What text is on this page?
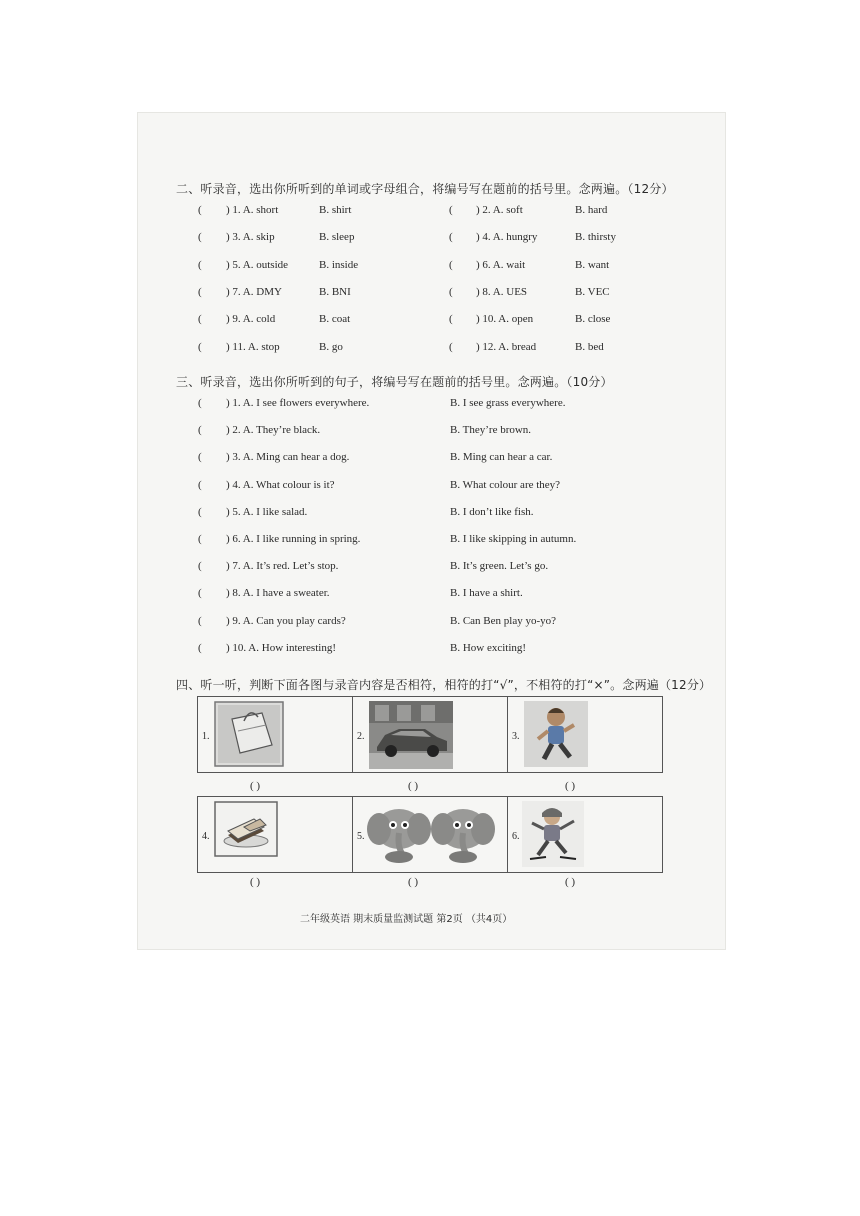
二、听录音，选出你所听到的单词或字母组合，将编号写在题前的括号里。念两遍。（12分）
( ) 1. A. short	B. shirt	( ) 2. A. soft	B. hard
( ) 3. A. skip	B. sleep	( ) 4. A. hungry	B. thirsty
( ) 5. A. outside	B. inside	( ) 6. A. wait	B. want
( ) 7. A. DMY	B. BNI	( ) 8. A. UES	B. VEC
( ) 9. A. cold	B. coat	( ) 10. A. open	B. close
( ) 11. A. stop	B. go	( ) 12. A. bread	B. bed
三、听录音，选出你所听到的句子，将编号写在题前的括号里。念两遍。（10分）
( ) 1. A. I see flowers everywhere.	B. I see grass everywhere.
( ) 2. A. They’re black.	B. They’re brown.
( ) 3. A. Ming can hear a dog.	B. Ming can hear a car.
( ) 4. A. What colour is it?	B. What colour are they?
( ) 5. A. I like salad.	B. I don’t like fish.
( ) 6. A. I like running in spring.	B. I like skipping in autumn.
( ) 7. A. It’s red. Let’s stop.	B. It’s green. Let’s go.
( ) 8. A. I have a sweater.	B. I have a shirt.
( ) 9. A. Can you play cards?	B. Can Ben play yo-yo?
( ) 10. A. How interesting!	B. How exciting!
四、听一听，判断下面各图与录音内容是否相符，相符的打“√”，不相符的打“×”。念两遍（12分）
1.	2.	3.
( )	( )	( )
4.	5.	6.
( )	( )	( )
二年级英语 期末质量监测试题 第2页 （共4页）
